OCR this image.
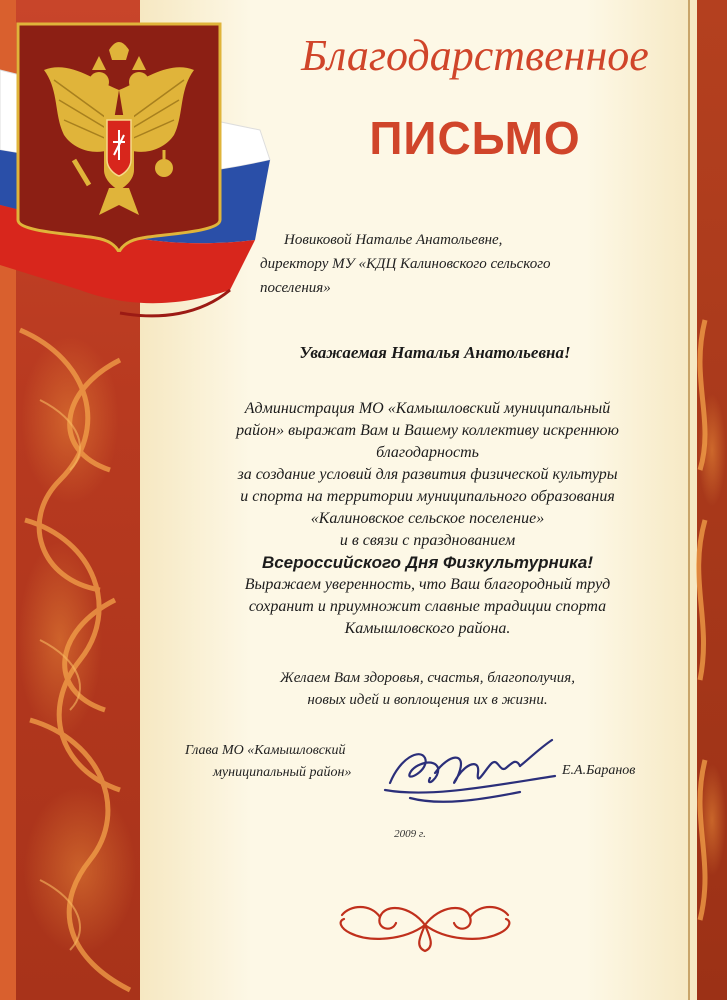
Благодарственное
ПИСЬМО
Новиковой Наталье Анатольевне,
директору МУ «КДЦ Калиновского сельского
поселения»
Уважаемая Наталья Анатольевна!
Администрация МО «Камышловский муниципальный
район» выражат Вам и Вашему коллективу искреннюю
благодарность
за создание условий для развития физической культуры
и спорта на территории муниципального образования
«Калиновское сельское поселение»
и в связи с празднованием
Всероссийского Дня Физкультурника!
Выражаем уверенность, что Ваш благородный труд
сохранит и приумножит славные традиции спорта
Камышловского района.
Желаем Вам здоровья, счастья, благополучия,
новых идей и воплощения их в жизни.
Глава МО «Камышловский
муниципальный район»	Е.А.Баранов
2009 г.
